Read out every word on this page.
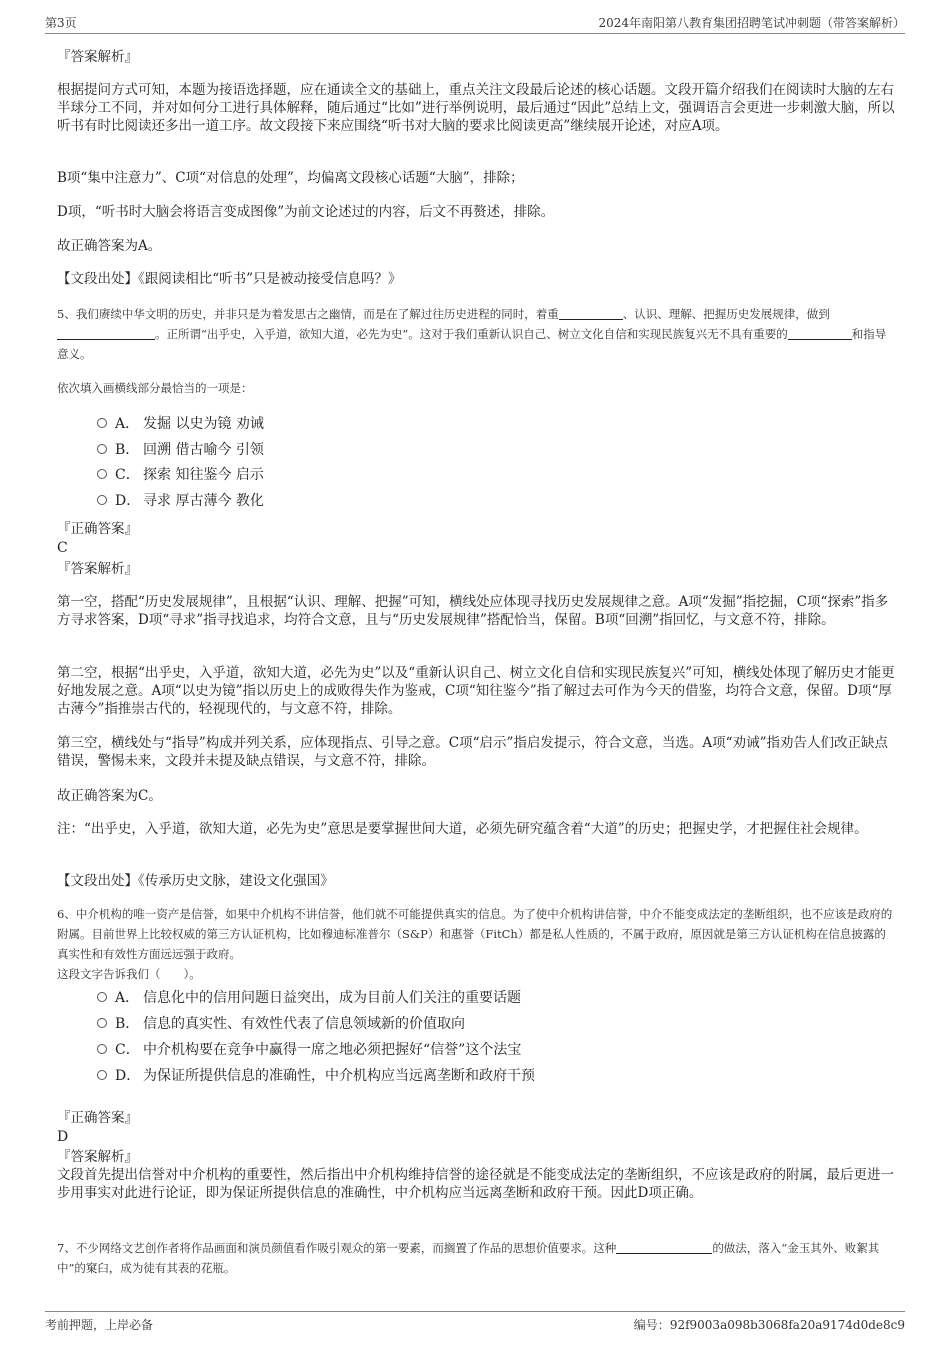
第3页	2024年南阳第八教育集团招聘笔试冲刺题（带答案解析）
『答案解析』
根据提问方式可知，本题为接语选择题，应在通读全文的基础上，重点关注文段最后论述的核心话题。文段开篇介绍我们在阅读时大脑的左右半球分工不同，并对如何分工进行具体解释，随后通过“比如”进行举例说明，最后通过“因此”总结上文，强调语言会更进一步刺激大脑，所以听书有时比阅读还多出一道工序。故文段接下来应围绕“听书对大脑的要求比阅读更高”继续展开论述，对应A项。
B项“集中注意力”、C项“对信息的处理”，均偏离文段核心话题“大脑”，排除；
D项，“听书时大脑会将语言变成图像”为前文论述过的内容，后文不再赘述，排除。
故正确答案为A。
【文段出处】《跟阅读相比“听书”只是被动接受信息吗？》
5、我们赓续中华文明的历史，并非只是为着发思古之幽情，而是在了解过往历史进程的同时，着重	、认识、理解、把握历史发展规律，做到。正所谓“出乎史，入乎道，欲知大道，必先为史”。这对于我们重新认识自己、树立文化自信和实现民族复兴无不具有重要的	和指导意义。
依次填入画横线部分最恰当的一项是：
A． 发掘 以史为镜 劝诫
B． 回溯 借古喻今 引领
C． 探索 知往鉴今 启示
D． 寻求 厚古薄今 教化
『正确答案』
C
『答案解析』
第一空，搭配“历史发展规律”，且根据“认识、理解、把握”可知，横线处应体现寻找历史发展规律之意。A项“发掘”指挖掘，C项“探索”指多方寻求答案，D项“寻求”指寻找追求，均符合文意，且与“历史发展规律”搭配恰当，保留。B项“回溯”指回忆，与文意不符，排除。
第二空，根据“出乎史，入乎道，欲知大道，必先为史”以及“重新认识自己、树立文化自信和实现民族复兴”可知，横线处体现了解历史才能更好地发展之意。A项“以史为镜”指以历史上的成败得失作为鉴戒，C项“知往鉴今”指了解过去可作为今天的借鉴，均符合文意，保留。D项“厚古薄今”指推崇古代的，轻视现代的，与文意不符，排除。
第三空，横线处与“指导”构成并列关系，应体现指点、引导之意。C项“启示”指启发提示，符合文意，当选。A项“劝诫”指劝告人们改正缺点错误，警惕未来，文段并未提及缺点错误，与文意不符，排除。
故正确答案为C。
注：“出乎史，入乎道，欲知大道，必先为史”意思是要掌握世间大道，必须先研究蕴含着“大道”的历史；把握史学，才把握住社会规律。
【文段出处】《传承历史文脉，建设文化强国》
6、中介机构的唯一资产是信誉，如果中介机构不讲信誉，他们就不可能提供真实的信息。为了使中介机构讲信誉，中介不能变成法定的垄断组织，也不应该是政府的附属。目前世界上比较权威的第三方认证机构，比如穆迪标准普尔（S&P）和惠誉（FitCh）都是私人性质的，不属于政府，原因就是第三方认证机构在信息披露的真实性和有效性方面远远强于政府。
这段文字告诉我们（　　）。
A． 信息化中的信用问题日益突出，成为目前人们关注的重要话题
B． 信息的真实性、有效性代表了信息领域新的价值取向
C． 中介机构要在竞争中赢得一席之地必须把握好“信誉”这个法宝
D． 为保证所提供信息的准确性，中介机构应当远离垄断和政府干预
『正确答案』
D
『答案解析』
文段首先提出信誉对中介机构的重要性，然后指出中介机构维持信誉的途径就是不能变成法定的垄断组织，不应该是政府的附属，最后更进一步用事实对此进行论证，即为保证所提供信息的准确性，中介机构应当远离垄断和政府干预。因此D项正确。
7、不少网络文艺创作者将作品画面和演员颜值看作吸引观众的第一要素，而搁置了作品的思想价值要求。这种	的做法，落入“金玉其外、败絮其中”的窠臼，成为徒有其表的花瓶。
考前押题，上岸必备	编号：92f9003a098b3068fa20a9174d0de8c9
